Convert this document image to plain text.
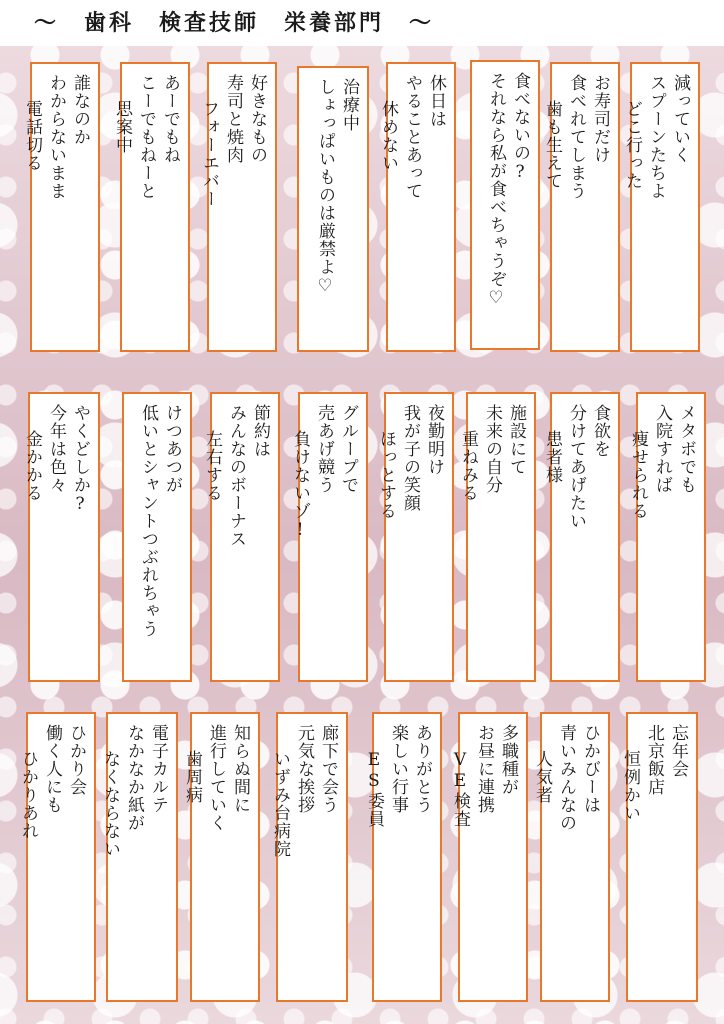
～　歯科　検査技師　栄養部門　～
誰なのか
わからないまま
電話切る	あーでもね
こーでもねーと
思案中	好きなもの
寿司と焼肉
フォーエバー	治療中
しょっぱいものは厳禁よ♡	休日は
やることあって
休めない	食べないの?
それなら私が食べちゃうぞ♡	お寿司だけ
食べれてしまう
歯も生えて	減っていく
スプーンたちよ
どこ行った
やくどしか?
今年は色々
金かかる	けつあつが
低いとシャントつぶれちゃう	節約は
みんなのボーナス
左右する	グループで
売あげ競う
負けないゾ!	夜勤明け
我が子の笑顔
ほっとする	施設にて
未来の自分
重ねみる	食欲を
分けてあげたい
患者様	メタボでも
入院すれば
痩せられる
ひかり会
働く人にも
ひかりあれ	電子カルテ
なかなか紙が
なくならない	知らぬ間に
進行していく
歯周病	廊下で会う
元気な挨拶
いずみ台病院	ありがとう
楽しい行事
ES委員	多職種が
お昼に連携
VE検査	ひかびーは
青いみんなの
人気者	忘年会
北京飯店
恒例かい
